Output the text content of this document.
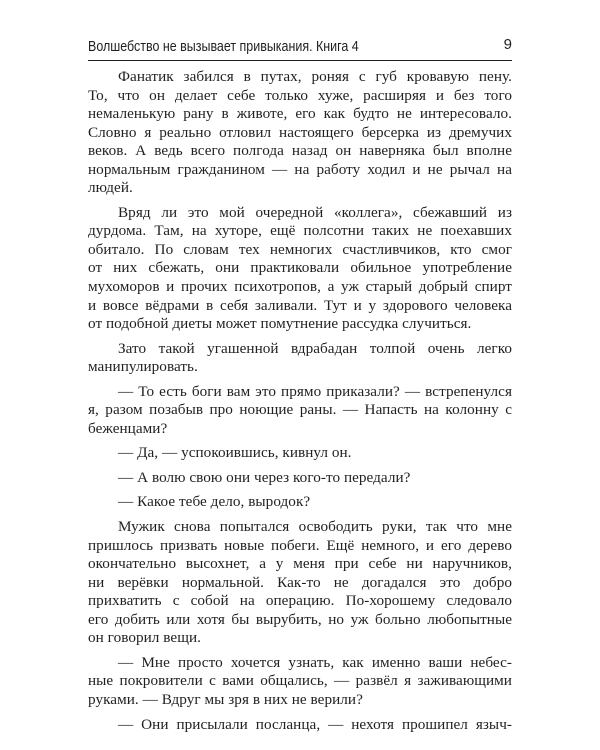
Волшебство не вызывает привыкания. Книга 4	9
Фанатик забился в путах, роняя с губ кровавую пену.
То, что он делает себе только хуже, расширяя и без того
немаленькую рану в животе, его как будто не интересовало.
Словно я реально отловил настоящего берсерка из дремучих
веков. А ведь всего полгода назад он наверняка был вполне
нормальным гражданином — на работу ходил и не рычал на
людей.
Вряд ли это мой очередной «коллега», сбежавший из
дурдома. Там, на хуторе, ещё полсотни таких не поехавших
обитало. По словам тех немногих счастливчиков, кто смог
от них сбежать, они практиковали обильное употребление
мухоморов и прочих психотропов, а уж старый добрый спирт
и вовсе вёдрами в себя заливали. Тут и у здорового человека
от подобной диеты может помутнение рассудка случиться.
Зато такой угашенной вдрабадан толпой очень легко
манипулировать.
— То есть боги вам это прямо приказали? — встрепенулся
я, разом позабыв про ноющие раны. — Напасть на колонну с
беженцами?
— Да, — успокоившись, кивнул он.
— А волю свою они через кого-то передали?
— Какое тебе дело, выродок?
Мужик снова попытался освободить руки, так что мне
пришлось призвать новые побеги. Ещё немного, и его дерево
окончательно высохнет, а у меня при себе ни наручников,
ни верёвки нормальной. Как-то не догадался это добро
прихватить с собой на операцию. По-хорошему следовало
его добить или хотя бы вырубить, но уж больно любопытные
он говорил вещи.
— Мне просто хочется узнать, как именно ваши небес-
ные покровители с вами общались, — развёл я заживающими
руками. — Вдруг мы зря в них не верили?
— Они присылали посланца, — нехотя прошипел языч-
